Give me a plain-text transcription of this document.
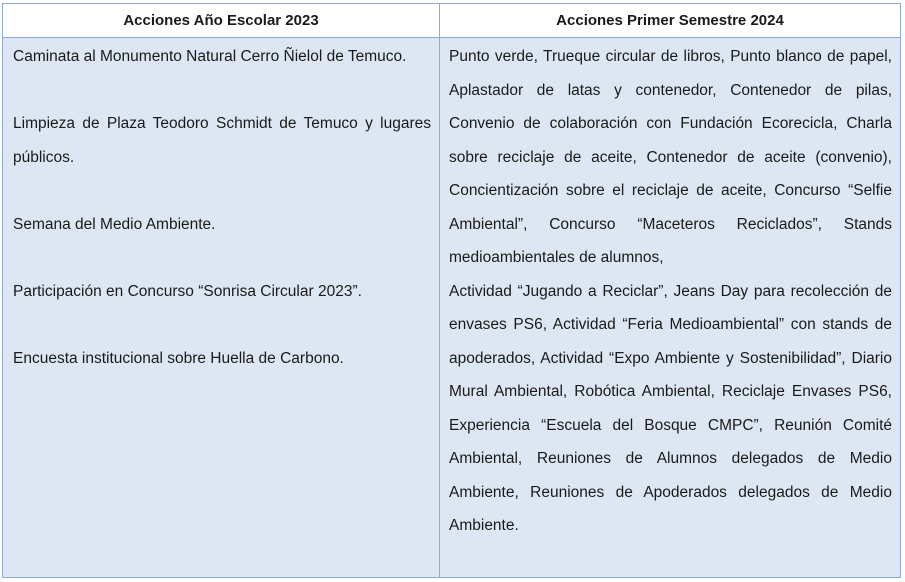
Acciones Año Escolar 2023	Acciones Primer Semestre 2024

Caminata al Monumento Natural Cerro Ñielol de Temuco.

Limpieza de Plaza Teodoro Schmidt de Temuco y lugares públicos.

Semana del Medio Ambiente.

Participación en Concurso “Sonrisa Circular 2023”.

Encuesta institucional sobre Huella de Carbono.

Punto verde, Trueque circular de libros, Punto blanco de papel, Aplastador de latas y contenedor, Contenedor de pilas, Convenio de colaboración con Fundación Ecorecicla, Charla sobre reciclaje de aceite, Contenedor de aceite (convenio), Concientización sobre el reciclaje de aceite, Concurso “Selfie Ambiental”, Concurso “Maceteros Reciclados”, Stands medioambientales de alumnos,

Actividad “Jugando a Reciclar”, Jeans Day para recolección de envases PS6, Actividad “Feria Medioambiental” con stands de apoderados, Actividad “Expo Ambiente y Sostenibilidad”, Diario Mural Ambiental, Robótica Ambiental, Reciclaje Envases PS6, Experiencia “Escuela del Bosque CMPC”, Reunión Comité Ambiental, Reuniones de Alumnos delegados de Medio Ambiente, Reuniones de Apoderados delegados de Medio Ambiente.
